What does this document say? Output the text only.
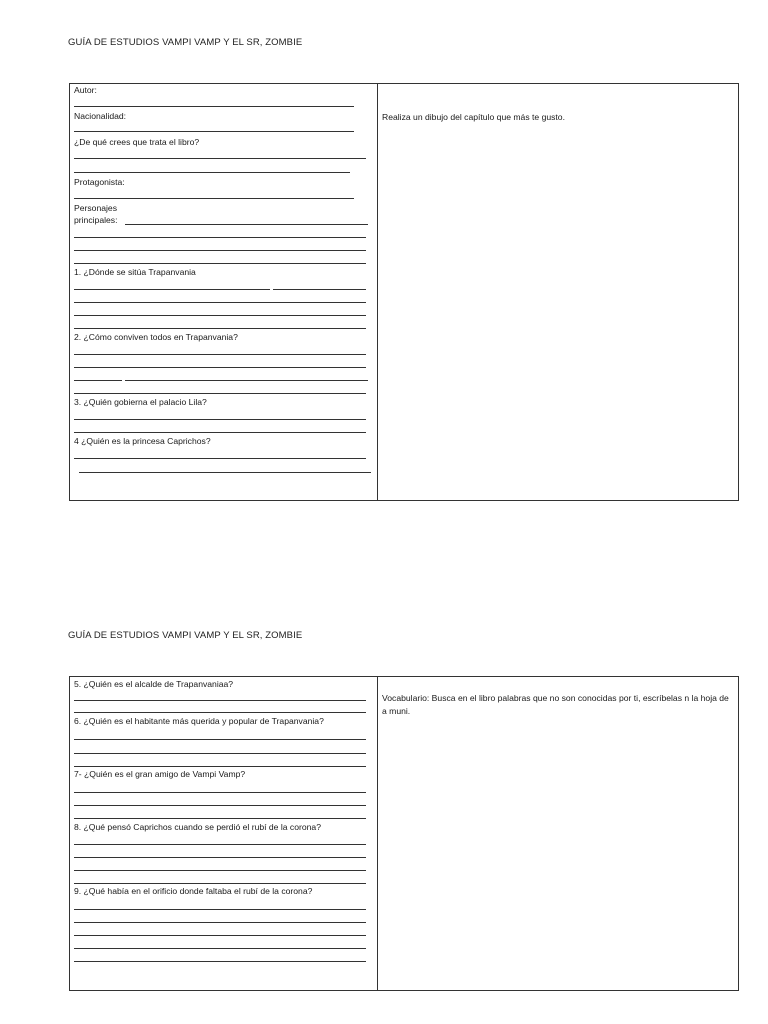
GUÍA DE ESTUDIOS VAMPI VAMP Y EL SR, ZOMBIE
Autor:
Nacionalidad:
¿De qué crees que trata el libro?
Protagonista:
Personajes
principales:
1. ¿Dónde se sitúa Trapanvania
2. ¿Cómo conviven todos en Trapanvania?
3. ¿Quién gobierna el palacio Lila?
4 ¿Quién es la princesa Caprichos?
Realiza un dibujo del capítulo que más te gusto.
GUÍA DE ESTUDIOS VAMPI VAMP Y EL SR, ZOMBIE
5. ¿Quién es el alcalde de Trapanvaniaa?
6. ¿Quién es el habitante más querida y popular de Trapanvania?
7- ¿Quién es el gran amigo de Vampi Vamp?
8. ¿Qué pensó Caprichos cuando se perdió el rubí de la corona?
9. ¿Qué había en el orificio donde faltaba el rubí de la corona?
Vocabulario: Busca en el libro palabras que no son conocidas por ti, escríbelas n la hoja de a muni.
